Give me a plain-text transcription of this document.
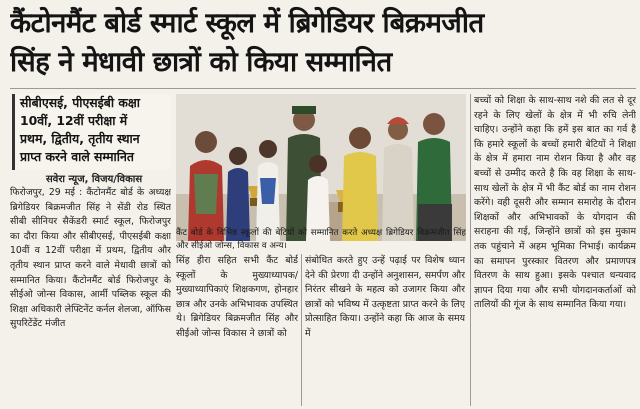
कैंटोनमैंट बोर्ड स्मार्ट स्कूल में ब्रिगेडियर बिक्रमजीत
सिंह ने मेधावी छात्रों को किया सम्मानित
सीबीएसई, पीएसईबी कक्षा
10वीं, 12वीं परीक्षा में
प्रथम, द्वितीय, तृतीय स्थान
प्राप्त करने वाले सम्मानित
सवेरा न्यूज, विजय/विकास

फिरोजपुर, 29 मई : कैंटोनमैंट बोर्ड के अध्यक्ष ब्रिगेडियर बिक्रमजीत सिंह ने सेंडी रोड स्थित सीबी सीनियर सैकेंडरी स्मार्ट स्कूल, फिरोजपुर का दौरा किया और सीबीएसई, पीएसईबी कक्षा 10वीं व 12वीं परीक्षा में प्रथम, द्वितीय और तृतीय स्थान प्राप्त करने वाले मेधावी छात्रों को सम्मानित किया। कैंटोनमैंट बोर्ड फिरोजपुर के सीईओ जोन्स विकास, आर्मी पब्लिक स्कूल की शिक्षा अधिकारी लेफ्टिनेंट कर्नल शेलजा, ऑफिस सुपरिटेंडेंट मंजीत

कैंट बोर्ड के विभिन्न स्कूलों की बेटियों को सम्मानित करते अध्यक्ष ब्रिगेडियर बिक्रमजीत सिंह और सीईओ जोन्स, विकास व अन्य।

सिंह हीरा सहित सभी कैंट बोर्ड स्कूलों के मुख्याध्यापक/मुख्याध्यापिकाएं शिक्षकगण, होनहार छात्र और उनके अभिभावक उपस्थित थे। ब्रिगेडियर बिक्रमजीत सिंह और सीईओ जोन्स विकास ने छात्रों को

संबोधित करते हुए उन्हें पढ़ाई पर विशेष ध्यान देने की प्रेरणा दी उन्होंने अनुशासन, समर्पण और निरंतर सीखने के महत्व को उजागर किया और छात्रों को भविष्य में उत्कृष्टता प्राप्त करने के लिए प्रोत्साहित किया। उन्होंने कहा कि आज के समय में

बच्चों को शिक्षा के साथ-साथ नशे की लत से दूर रहने के लिए खेलों के क्षेत्र में भी रुचि लेनी चाहिए। उन्होंने कहा कि हमें इस बात का गर्व है कि हमारे स्कूलों के बच्चों हमारी बेटियों ने शिक्षा के क्षेत्र में हमारा नाम रोशन किया है और वह बच्चों से उम्मीद करते है कि वह शिक्षा के साथ-साथ खेलों के क्षेत्र में भी कैंट बोर्ड का नाम रोशन करेंगे। वही दूसरी और सम्मान समारोह के दौरान शिक्षकों और अभिभावकों के योगदान की सराहना की गई, जिन्होंने छात्रों को इस मुकाम तक पहुंचाने में अहम भूमिका निभाई। कार्यक्रम का समापन पुरस्कार वितरण और प्रमाणपत्र वितरण के साथ हुआ। इसके पश्चात धन्यवाद ज्ञापन दिया गया और सभी योगदानकर्ताओं को तालियों की गूंज के साथ सम्मानित किया गया।
